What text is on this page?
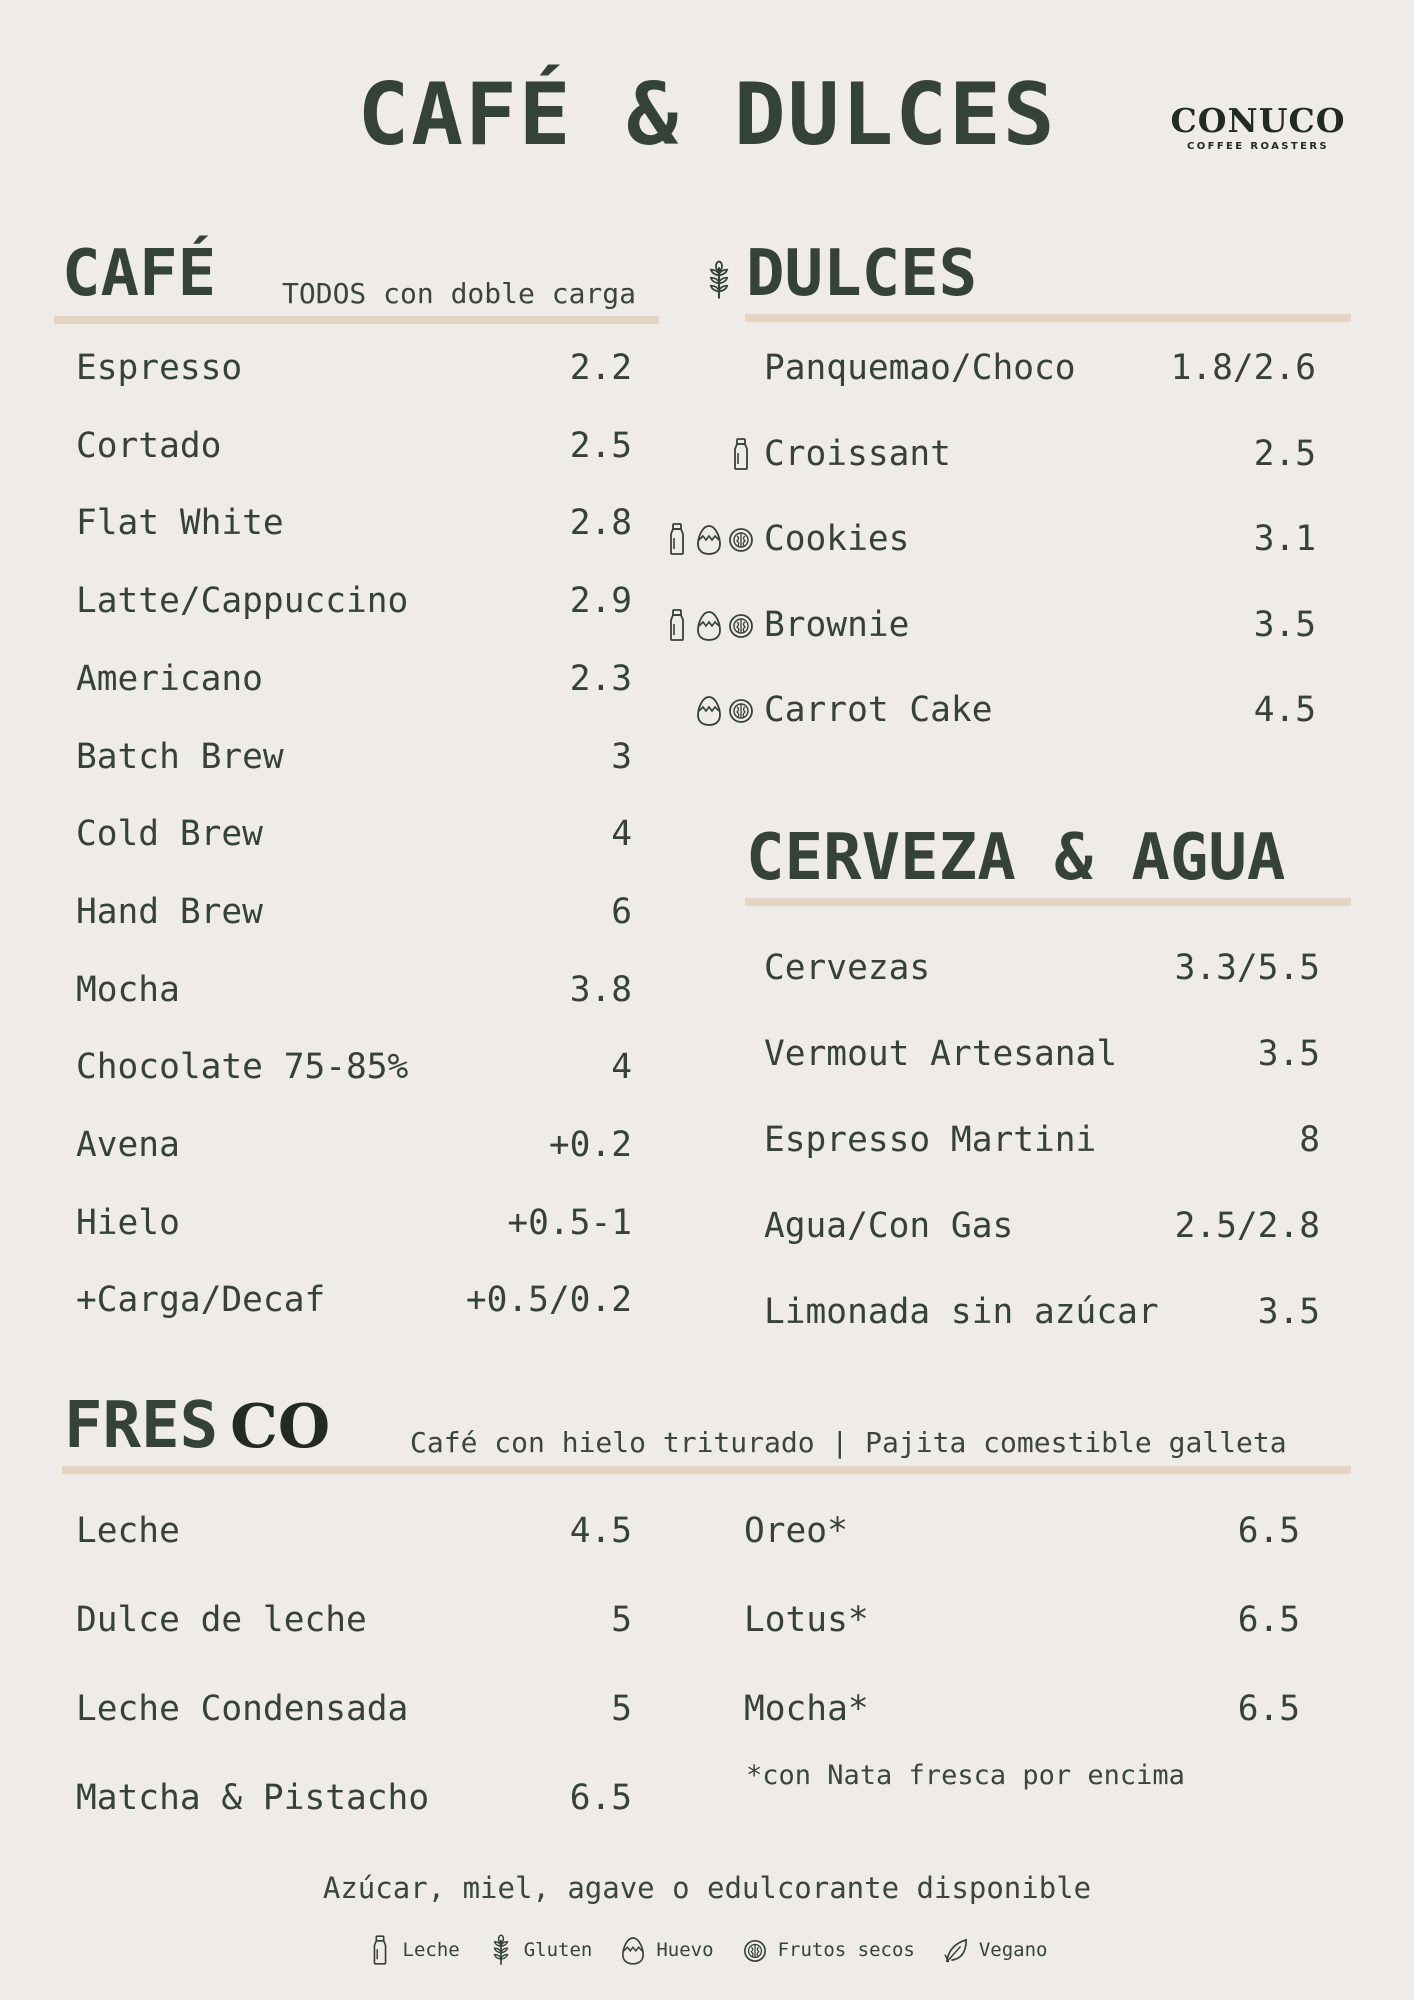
CAFÉ & DULCES	CONUCO
COFFEE ROASTERS
CAFÉ TODOS con doble carga
Espresso	2.2
Cortado	2.5
Flat White	2.8
Latte/Cappuccino	2.9
Americano	2.3
Batch Brew	3
Cold Brew	4
Hand Brew	6
Mocha	3.8
Chocolate 75-85%	4
Avena	+0.2
Hielo	+0.5-1
+Carga/Decaf	+0.5/0.2
DULCES
Panquemao/Choco	1.8/2.6
Croissant	2.5
Cookies	3.1
Brownie	3.5
Carrot Cake	4.5
CERVEZA & AGUA
Cervezas	3.3/5.5
Vermout Artesanal	3.5
Espresso Martini	8
Agua/Con Gas	2.5/2.8
Limonada sin azúcar	3.5
FRES CO	Café con hielo triturado | Pajita comestible galleta
Leche	4.5
Dulce de leche	5
Leche Condensada	5
Matcha & Pistacho	6.5
Oreo*	6.5
Lotus*	6.5
Mocha*	6.5
*con Nata fresca por encima
Azúcar, miel, agave o edulcorante disponible
Leche	Gluten	Huevo	Frutos secos	Vegano
